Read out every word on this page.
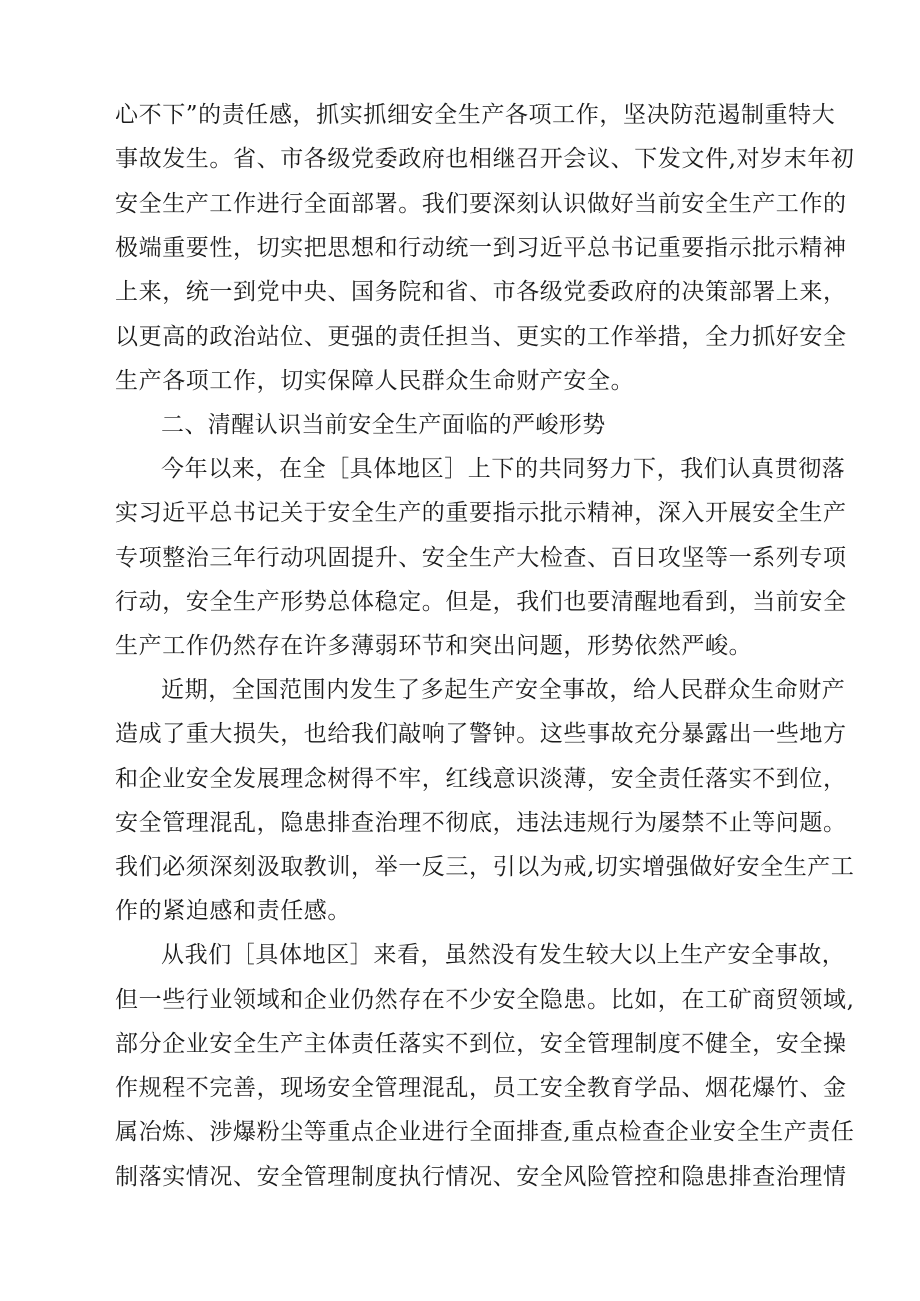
心不下”的责任感，抓实抓细安全生产各项工作，坚决防范遏制重特大
事故发生。省、市各级党委政府也相继召开会议、下发文件,对岁末年初
安全生产工作进行全面部署。我们要深刻认识做好当前安全生产工作的
极端重要性，切实把思想和行动统一到习近平总书记重要指示批示精神
上来，统一到党中央、国务院和省、市各级党委政府的决策部署上来，
以更高的政治站位、更强的责任担当、更实的工作举措，全力抓好安全
生产各项工作，切实保障人民群众生命财产安全。
二、清醒认识当前安全生产面临的严峻形势
今年以来，在全［具体地区］上下的共同努力下，我们认真贯彻落
实习近平总书记关于安全生产的重要指示批示精神，深入开展安全生产
专项整治三年行动巩固提升、安全生产大检查、百日攻坚等一系列专项
行动，安全生产形势总体稳定。但是，我们也要清醒地看到，当前安全
生产工作仍然存在许多薄弱环节和突出问题，形势依然严峻。
近期，全国范围内发生了多起生产安全事故，给人民群众生命财产
造成了重大损失，也给我们敲响了警钟。这些事故充分暴露出一些地方
和企业安全发展理念树得不牢，红线意识淡薄，安全责任落实不到位，
安全管理混乱，隐患排查治理不彻底，违法违规行为屡禁不止等问题。
我们必须深刻汲取教训，举一反三，引以为戒,切实增强做好安全生产工
作的紧迫感和责任感。
从我们［具体地区］来看，虽然没有发生较大以上生产安全事故，
但一些行业领域和企业仍然存在不少安全隐患。比如，在工矿商贸领域,
部分企业安全生产主体责任落实不到位，安全管理制度不健全，安全操
作规程不完善，现场安全管理混乱，员工安全教育学品、烟花爆竹、金
属冶炼、涉爆粉尘等重点企业进行全面排查,重点检查企业安全生产责任
制落实情况、安全管理制度执行情况、安全风险管控和隐患排查治理情
